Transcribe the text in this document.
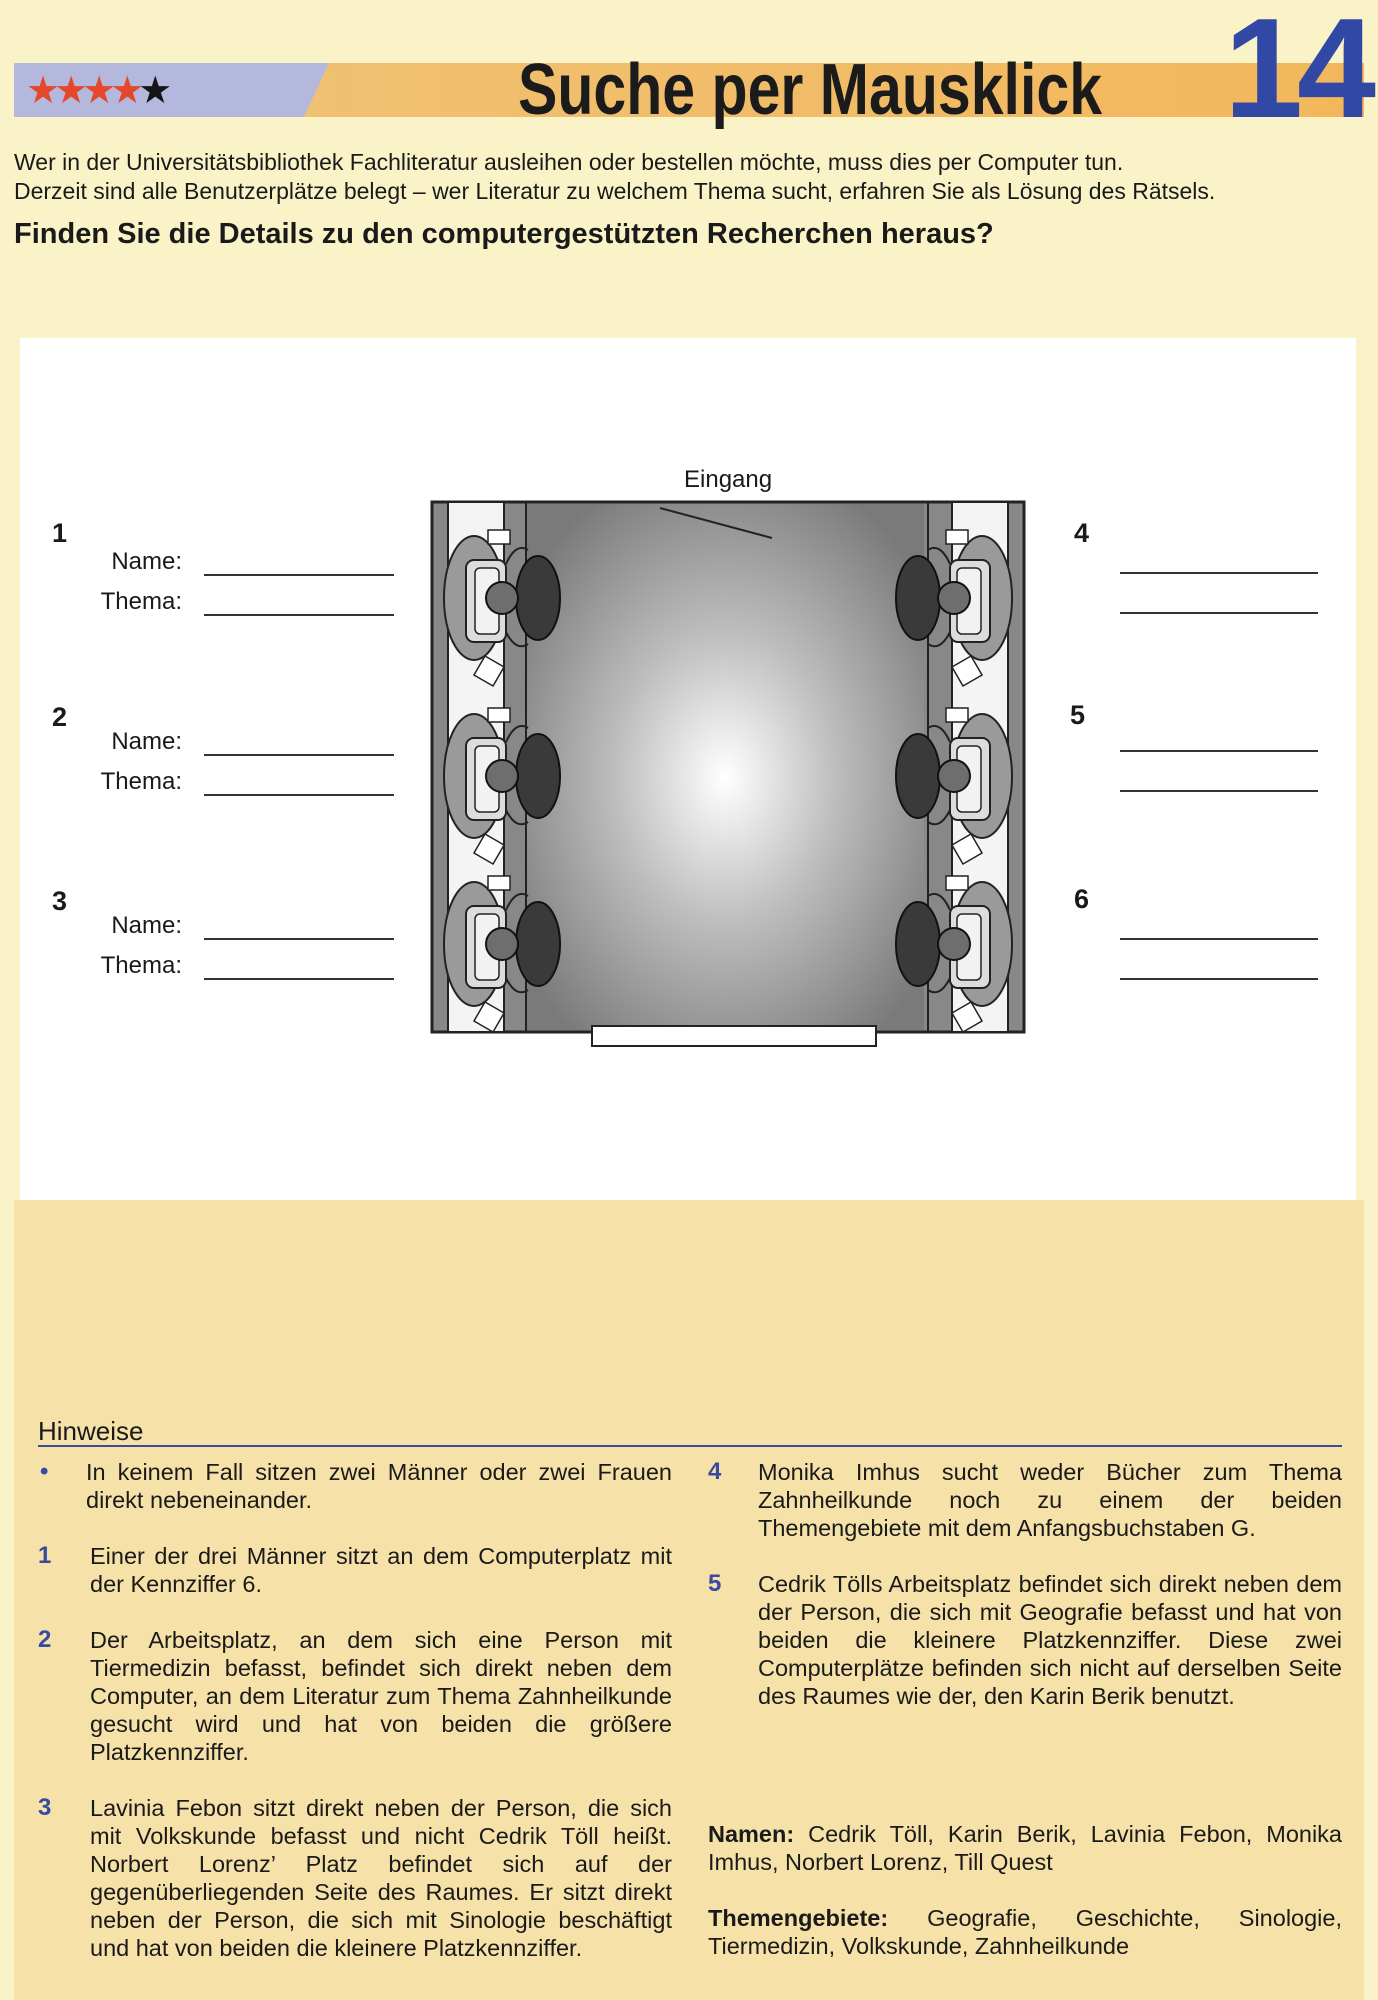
★★★★★	Suche per Mausklick 14
Wer in der Universitätsbibliothek Fachliteratur ausleihen oder bestellen möchte, muss dies per Computer tun.
Derzeit sind alle Benutzerplätze belegt – wer Literatur zu welchem Thema sucht, erfahren Sie als Lösung des Rätsels.
Finden Sie die Details zu den computergestützten Recherchen heraus?
Eingang
1
Name:
Thema:
2
Name:
Thema:
3
Name:
Thema:
4
5
6
Hinweise
• In keinem Fall sitzen zwei Männer oder zwei Frauen direkt nebeneinander.
1 Einer der drei Männer sitzt an dem Computerplatz mit der Kennziffer 6.
2 Der Arbeitsplatz, an dem sich eine Person mit Tiermedizin befasst, befindet sich direkt neben dem Computer, an dem Literatur zum Thema Zahnheilkunde gesucht wird und hat von beiden die größere Platzkennziffer.
3 Lavinia Febon sitzt direkt neben der Person, die sich mit Volkskunde befasst und nicht Cedrik Töll heißt. Norbert Lorenz’ Platz befindet sich auf der gegenüberliegenden Seite des Raumes. Er sitzt direkt neben der Person, die sich mit Sinologie beschäftigt und hat von beiden die kleinere Platzkennziffer.
4 Monika Imhus sucht weder Bücher zum Thema Zahnheilkunde noch zu einem der beiden Themengebiete mit dem Anfangsbuchstaben G.
5 Cedrik Tölls Arbeitsplatz befindet sich direkt neben dem der Person, die sich mit Geografie befasst und hat von beiden die kleinere Platzkennziffer. Diese zwei Computerplätze befinden sich nicht auf derselben Seite des Raumes wie der, den Karin Berik benutzt.
Namen: Cedrik Töll, Karin Berik, Lavinia Febon, Monika Imhus, Norbert Lorenz, Till Quest
Themengebiete: Geografie, Geschichte, Sinologie, Tiermedizin, Volkskunde, Zahnheilkunde
